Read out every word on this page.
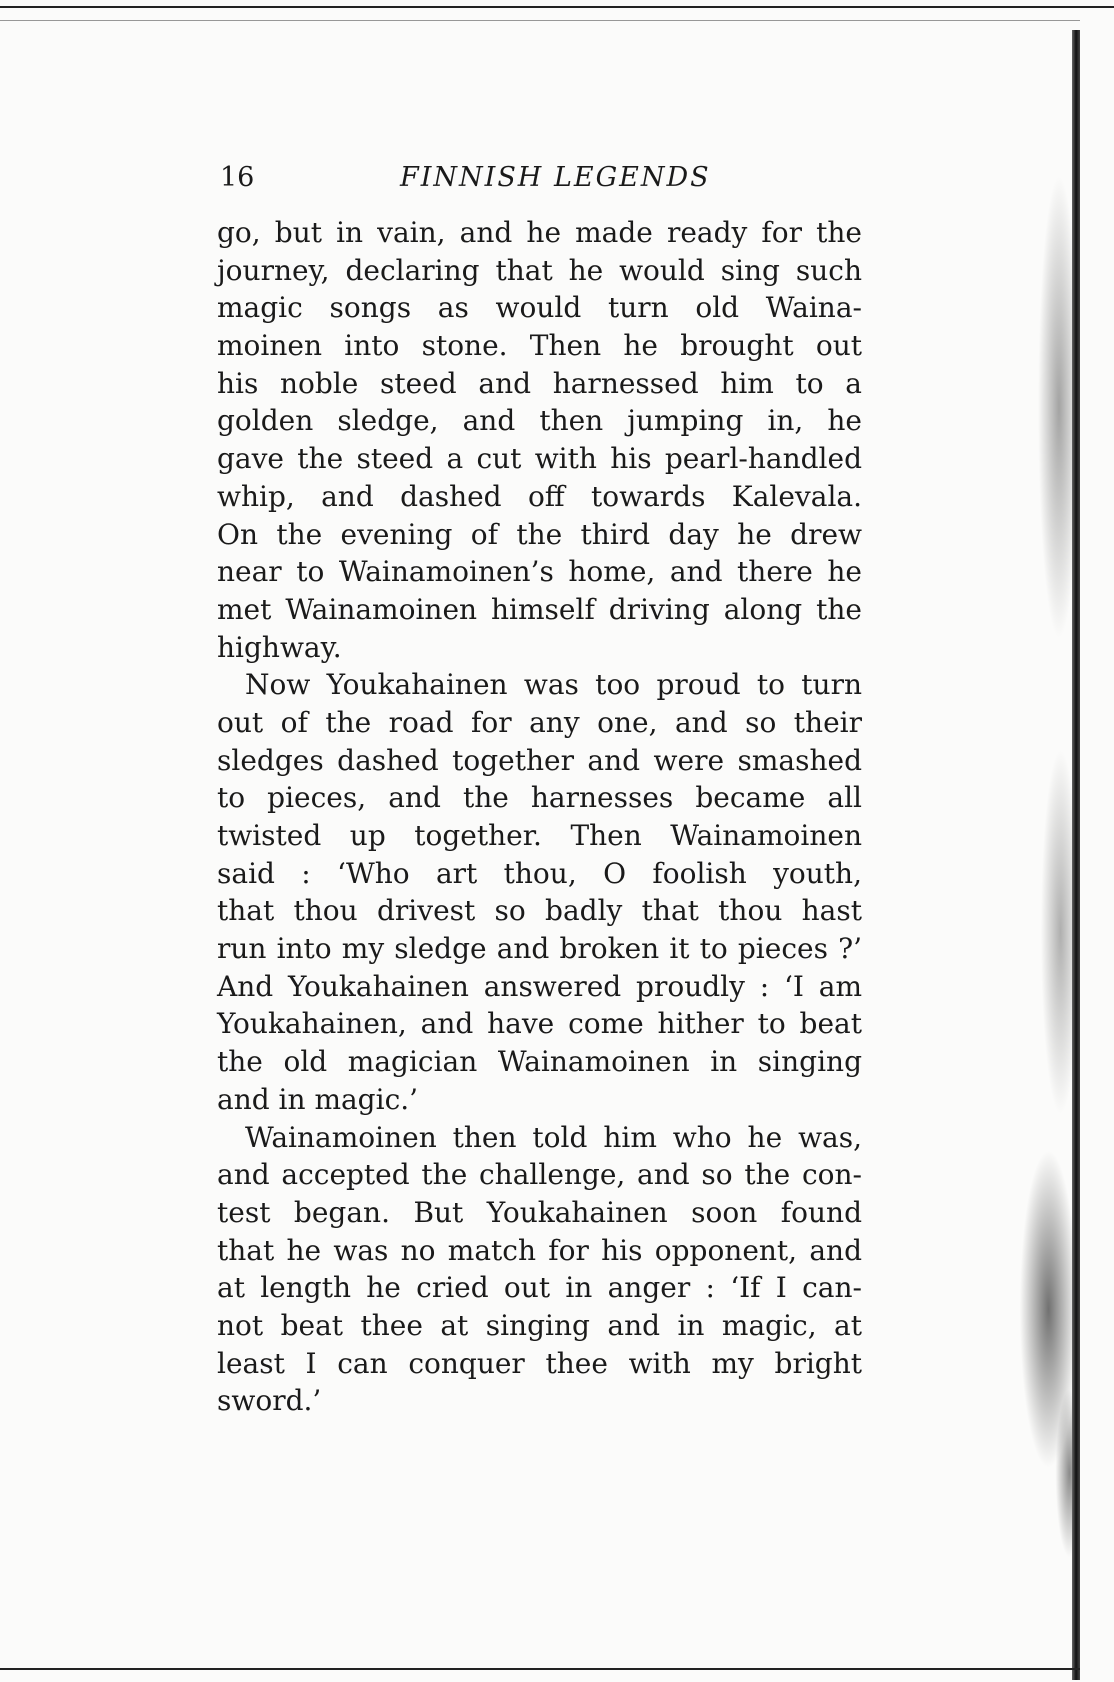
16	FINNISH LEGENDS
go, but in vain, and he made ready for the
journey, declaring that he would sing such
magic songs as would turn old Waina-
moinen into stone. Then he brought out
his noble steed and harnessed him to a
golden sledge, and then jumping in, he
gave the steed a cut with his pearl-handled
whip, and dashed off towards Kalevala.
On the evening of the third day he drew
near to Wainamoinen’s home, and there he
met Wainamoinen himself driving along the
highway.
Now Youkahainen was too proud to turn
out of the road for any one, and so their
sledges dashed together and were smashed
to pieces, and the harnesses became all
twisted up together. Then Wainamoinen
said : ‘Who art thou, O foolish youth,
that thou drivest so badly that thou hast
run into my sledge and broken it to pieces ?’
And Youkahainen answered proudly : ‘I am
Youkahainen, and have come hither to beat
the old magician Wainamoinen in singing
and in magic.’
Wainamoinen then told him who he was,
and accepted the challenge, and so the con-
test began. But Youkahainen soon found
that he was no match for his opponent, and
at length he cried out in anger : ‘If I can-
not beat thee at singing and in magic, at
least I can conquer thee with my bright
sword.’
